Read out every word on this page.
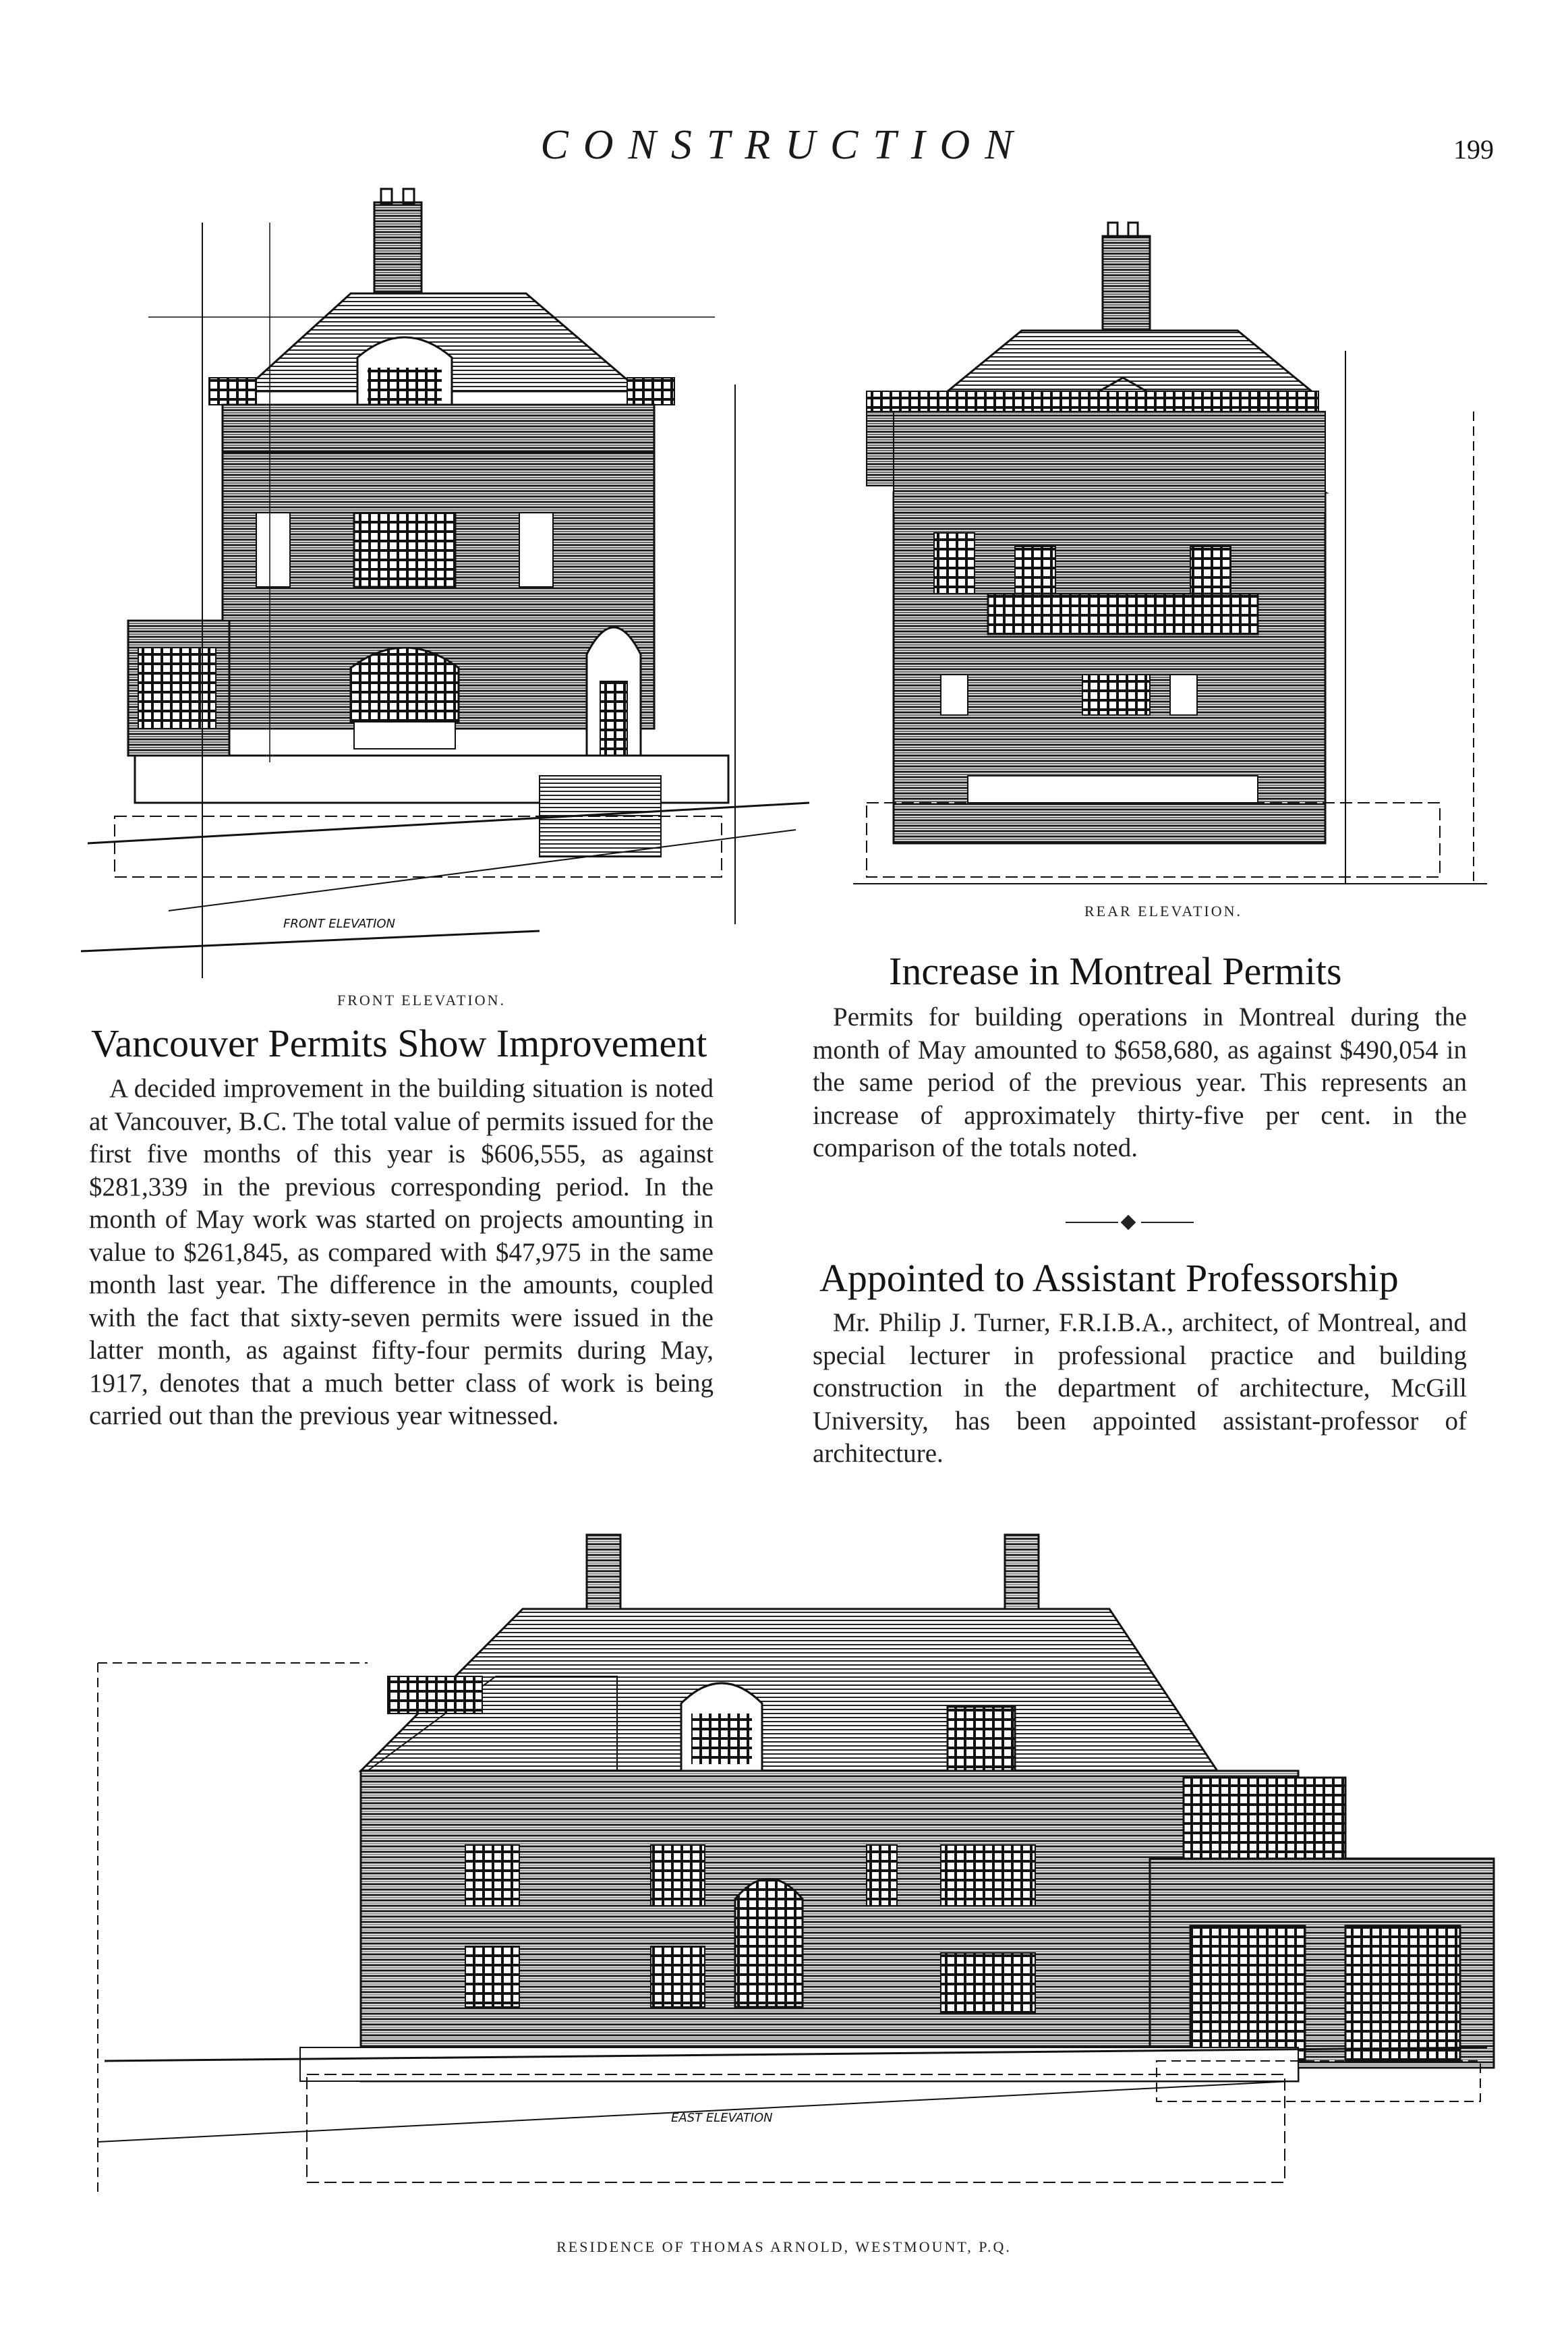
CONSTRUCTION	199
FRONT ELEVATION
FRONT ELEVATION.
REAR ELEVATION.
Vancouver Permits Show Improvement

A decided improvement in the building situation is noted at Vancouver, B.C. The total value of permits issued for the first five months of this year is $606,555, as against $281,339 in the previous corresponding period. In the month of May work was started on projects amounting in value to $261,845, as compared with $47,975 in the same month last year. The difference in the amounts, coupled with the fact that sixty-seven permits were issued in the latter month, as against fifty-four permits during May, 1917, denotes that a much better class of work is being carried out than the previous year witnessed.

Increase in Montreal Permits

Permits for building operations in Montreal during the month of May amounted to $658,680, as against $490,054 in the same period of the previous year. This represents an increase of approximately thirty-five per cent. in the comparison of the totals noted.

Appointed to Assistant Professorship

Mr. Philip J. Turner, F.R.I.B.A., architect, of Montreal, and special lecturer in professional practice and building construction in the department of architecture, McGill University, has been appointed assistant-professor of architecture.

EAST ELEVATION
RESIDENCE OF THOMAS ARNOLD, WESTMOUNT, P.Q.
